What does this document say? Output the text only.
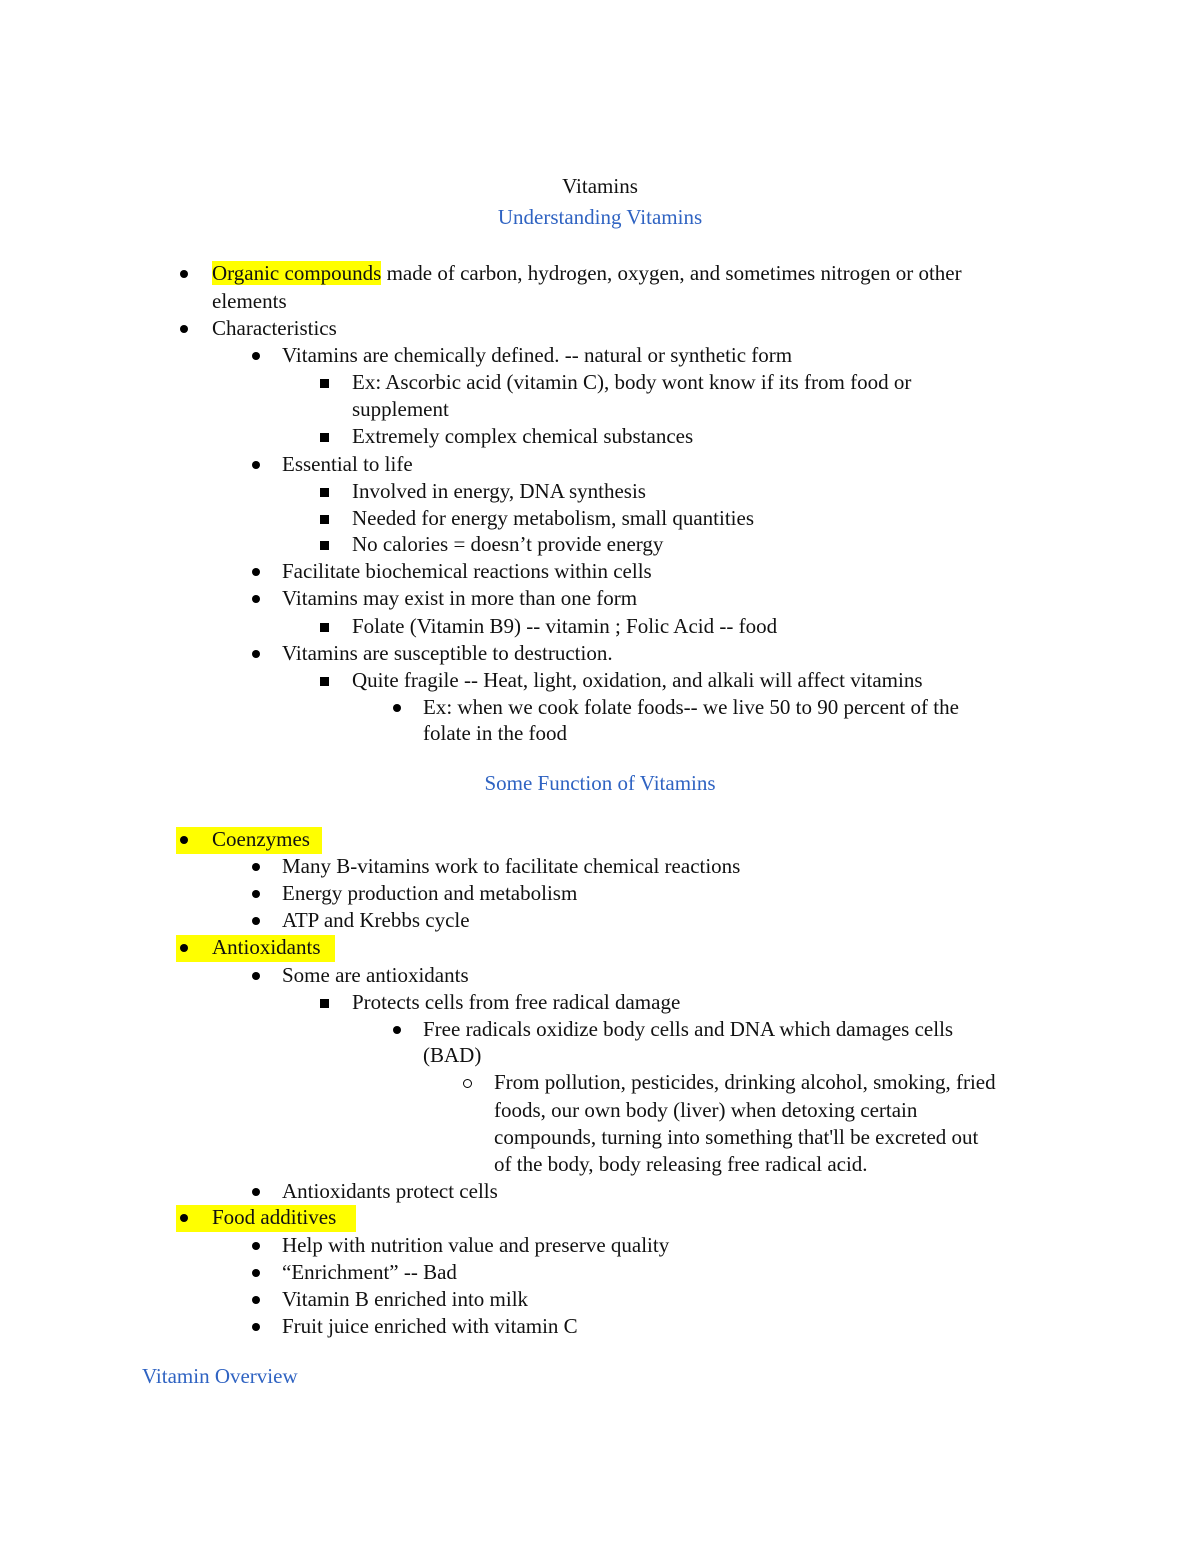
Vitamins
Understanding Vitamins
Organic compounds made of carbon, hydrogen, oxygen, and sometimes nitrogen or other
elements
Characteristics
Vitamins are chemically defined. -- natural or synthetic form
Ex: Ascorbic acid (vitamin C), body wont know if its from food or
supplement
Extremely complex chemical substances
Essential to life
Involved in energy, DNA synthesis
Needed for energy metabolism, small quantities
No calories = doesn’t provide energy
Facilitate biochemical reactions within cells
Vitamins may exist in more than one form
Folate (Vitamin B9) -- vitamin ; Folic Acid -- food
Vitamins are susceptible to destruction.
Quite fragile -- Heat, light, oxidation, and alkali will affect vitamins
Ex: when we cook folate foods-- we live 50 to 90 percent of the
folate in the food
Some Function of Vitamins
Coenzymes
Many B-vitamins work to facilitate chemical reactions
Energy production and metabolism
ATP and Krebbs cycle
Antioxidants
Some are antioxidants
Protects cells from free radical damage
Free radicals oxidize body cells and DNA which damages cells
(BAD)
From pollution, pesticides, drinking alcohol, smoking, fried
foods, our own body (liver) when detoxing certain
compounds, turning into something that'll be excreted out
of the body, body releasing free radical acid.
Antioxidants protect cells
Food additives
Help with nutrition value and preserve quality
“Enrichment” -- Bad
Vitamin B enriched into milk
Fruit juice enriched with vitamin C
Vitamin Overview
